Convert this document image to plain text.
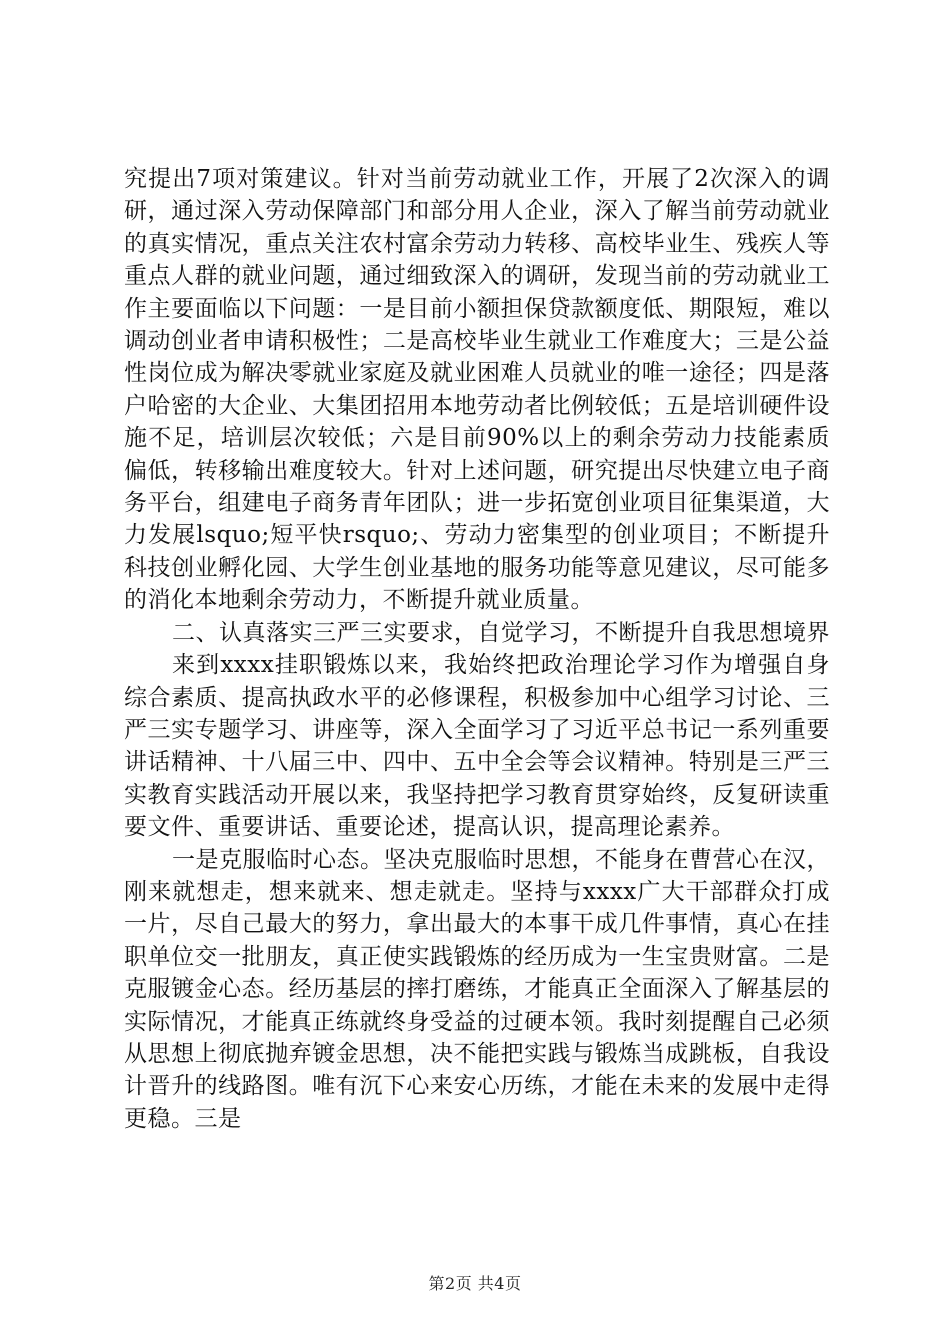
究提出7项对策建议。针对当前劳动就业工作，开展了2次深入的调研，通过深入劳动保障部门和部分用人企业，深入了解当前劳动就业的真实情况，重点关注农村富余劳动力转移、高校毕业生、残疾人等重点人群的就业问题，通过细致深入的调研，发现当前的劳动就业工作主要面临以下问题：一是目前小额担保贷款额度低、期限短，难以调动创业者申请积极性；二是高校毕业生就业工作难度大；三是公益性岗位成为解决零就业家庭及就业困难人员就业的唯一途径；四是落户哈密的大企业、大集团招用本地劳动者比例较低；五是培训硬件设施不足，培训层次较低；六是目前90%以上的剩余劳动力技能素质偏低，转移输出难度较大。针对上述问题，研究提出尽快建立电子商务平台，组建电子商务青年团队；进一步拓宽创业项目征集渠道，大力发展lsquo;短平快rsquo;、劳动力密集型的创业项目；不断提升科技创业孵化园、大学生创业基地的服务功能等意见建议，尽可能多的消化本地剩余劳动力，不断提升就业质量。

二、认真落实三严三实要求，自觉学习，不断提升自我思想境界

来到xxxx挂职锻炼以来，我始终把政治理论学习作为增强自身综合素质、提高执政水平的必修课程，积极参加中心组学习讨论、三严三实专题学习、讲座等，深入全面学习了习近平总书记一系列重要讲话精神、十八届三中、四中、五中全会等会议精神。特别是三严三实教育实践活动开展以来，我坚持把学习教育贯穿始终，反复研读重要文件、重要讲话、重要论述，提高认识，提高理论素养。

一是克服临时心态。坚决克服临时思想，不能身在曹营心在汉，刚来就想走，想来就来、想走就走。坚持与xxxx广大干部群众打成一片，尽自己最大的努力，拿出最大的本事干成几件事情，真心在挂职单位交一批朋友，真正使实践锻炼的经历成为一生宝贵财富。二是克服镀金心态。经历基层的摔打磨练，才能真正全面深入了解基层的实际情况，才能真正练就终身受益的过硬本领。我时刻提醒自己必须从思想上彻底抛弃镀金思想，决不能把实践与锻炼当成跳板，自我设计晋升的线路图。唯有沉下心来安心历练，才能在未来的发展中走得更稳。三是

第2页 共4页
